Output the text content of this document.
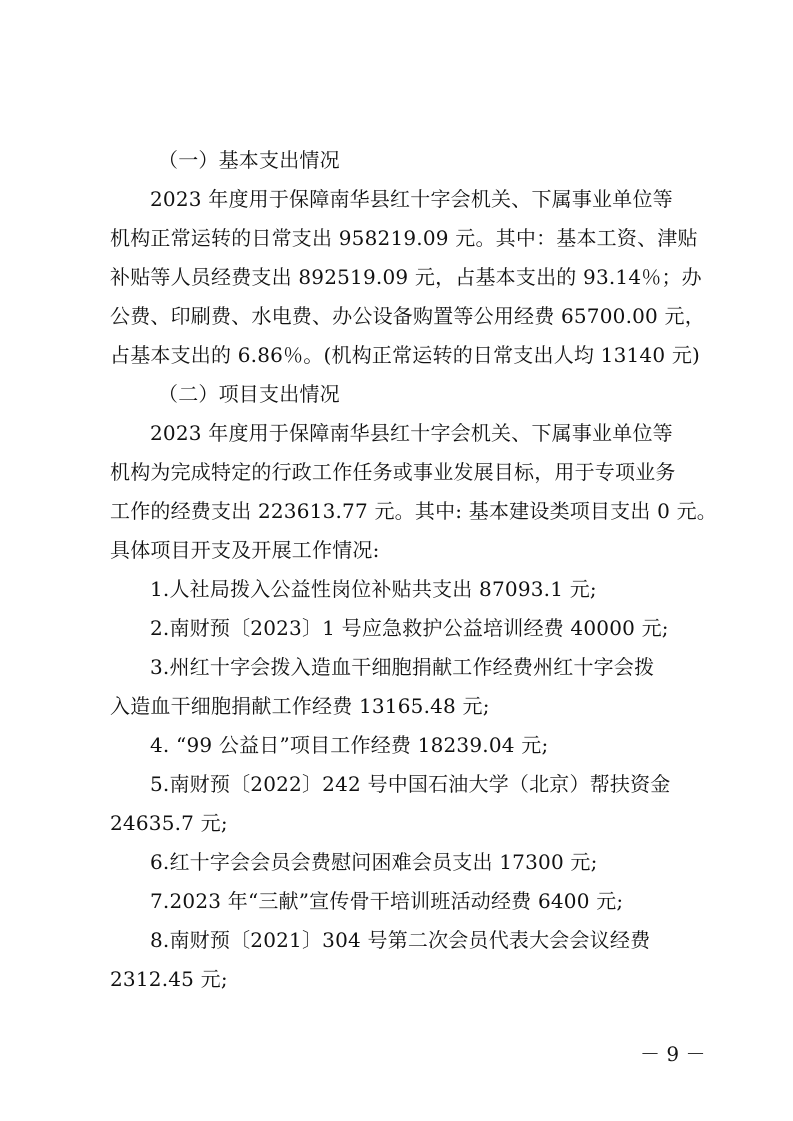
（一）基本支出情况
2023 年度用于保障南华县红十字会机关、下属事业单位等
机构正常运转的日常支出 958219.09 元。其中：基本工资、津贴
补贴等人员经费支出 892519.09 元，占基本支出的 93.14％；办
公费、印刷费、水电费、办公设备购置等公用经费 65700.00 元，
占基本支出的 6.86％。(机构正常运转的日常支出人均 13140 元)
（二）项目支出情况
2023 年度用于保障南华县红十字会机关、下属事业单位等
机构为完成特定的行政工作任务或事业发展目标，用于专项业务
工作的经费支出 223613.77 元。其中: 基本建设类项目支出 0 元。
具体项目开支及开展工作情况:
1.人社局拨入公益性岗位补贴共支出 87093.1 元;
2.南财预〔2023〕1 号应急救护公益培训经费 40000 元;
3.州红十字会拨入造血干细胞捐献工作经费州红十字会拨
入造血干细胞捐献工作经费 13165.48 元;
4. “99 公益日”项目工作经费 18239.04 元;
5.南财预〔2022〕242 号中国石油大学（北京）帮扶资金
24635.7 元;
6.红十字会会员会费慰问困难会员支出 17300 元;
7.2023 年“三献”宣传骨干培训班活动经费 6400 元;
8.南财预〔2021〕304 号第二次会员代表大会会议经费
2312.45 元;
－ 9 －
